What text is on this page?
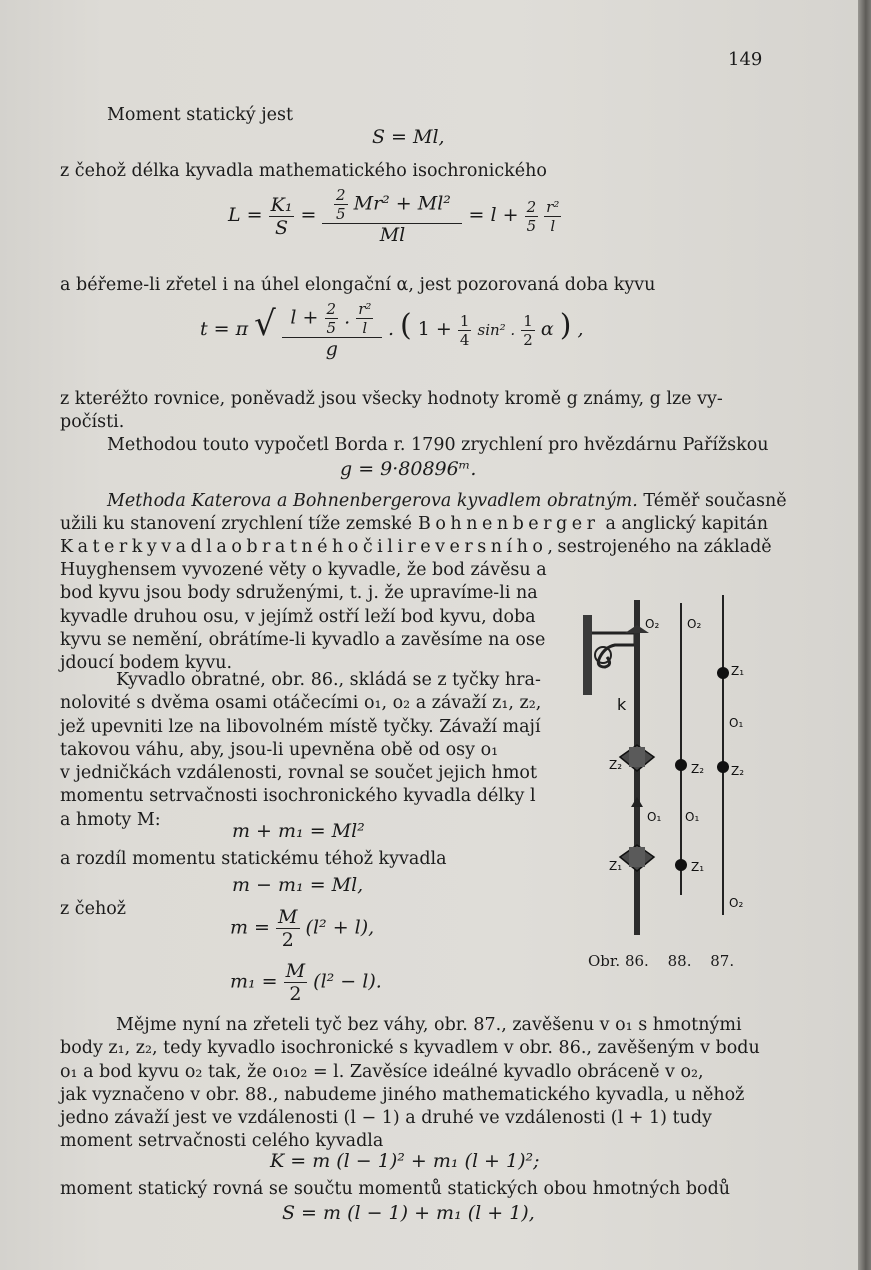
149
Moment statický jest
S = Ml,
z čehož délka kyvadla mathematického isochronického
$L = \frac{\text{K₁}}{S} = \frac{\frac{2}{5} Mr^2 + Ml^2}{Ml} = l + \frac{2}{5}$
$\frac{\text{r²}}{l}$
a béřeme-li zřetel i na úhel elongační α, jest pozorovaná doba kyvu
t = π √ $\frac{l + \frac{2}{5} . \frac{\text{r²}}{l}}{g}$ . ( $1 + \frac{1}{4} \sin^2$ . $\frac{1}{2}$ α ) ,
z kteréžto rovnice, poněvadž jsou všecky hodnoty kromě g známy, g lze vy-
počísti.
Methodou touto vypočetl Borda r. 1790 zrychlení pro hvězdárnu Pařížskou
g = 9·80896ᵐ.
Methoda Katerova a Bohnenbergerova kyvadlem obratným. Téměř současně
užili ku stanovení zrychlení tíže zemské Bohnenberger a anglický kapitán
Kater kyvadla obratného čili reversního, sestrojeného na základě
Huyghensem vyvozené věty o kyvadle, že bod závěsu a
bod kyvu jsou body sdruženými, t. j. že upravíme-li na
kyvadle druhou osu, v jejímž ostří leží bod kyvu, doba
kyvu se nemění, obrátíme-li kyvadlo a zavěsíme na ose
jdoucí bodem kyvu.
Kyvadlo obratné, obr. 86., skládá se z tyčky hra-
nolovité s dvěma osami otáčecími o₁, o₂ a závaží z₁, z₂,
jež upevniti lze na libovolném místě tyčky. Závaží mají
takovou váhu, aby, jsou-li upevněna obě od osy o₁
v jedničkách vzdálenosti, rovnal se součet jejich hmot
momentu setrvačnosti isochronického kyvadla délky l
a hmoty M:
m + m₁ = Ml²
a rozdíl momentu statickému téhož kyvadla
m − m₁ = Ml,
z čehož
$m = \frac{M}{2} (l^2 + l)$,
$m_1 = \frac{M}{2} (l^2 - l)$.
O₂ O₂
Z₁
k
O₁
Z₂	Z₂ Z₂
O₁ O₁
Z₁	Z₁
O₂
Obr. 86. 88. 87.
Mějme nyní na zřeteli tyč bez váhy, obr. 87., zavěšenu v o₁ s hmotnými
body z₁, z₂, tedy kyvadlo isochronické s kyvadlem v obr. 86., zavěšeným v bodu
o₁ a bod kyvu o₂ tak, že o₁o₂ = l. Zavěsíce ideálné kyvadlo obráceně v o₂,
jak vyznačeno v obr. 88., nabudeme jiného mathematického kyvadla, u něhož
jedno závaží jest ve vzdálenosti (l − 1) a druhé ve vzdálenosti (l + 1) tudy
moment setrvačnosti celého kyvadla
K = m (l − 1)² + m₁ (l + 1)²;
moment statický rovná se součtu momentů statických obou hmotných bodů
S = m (l − 1) + m₁ (l + 1),
